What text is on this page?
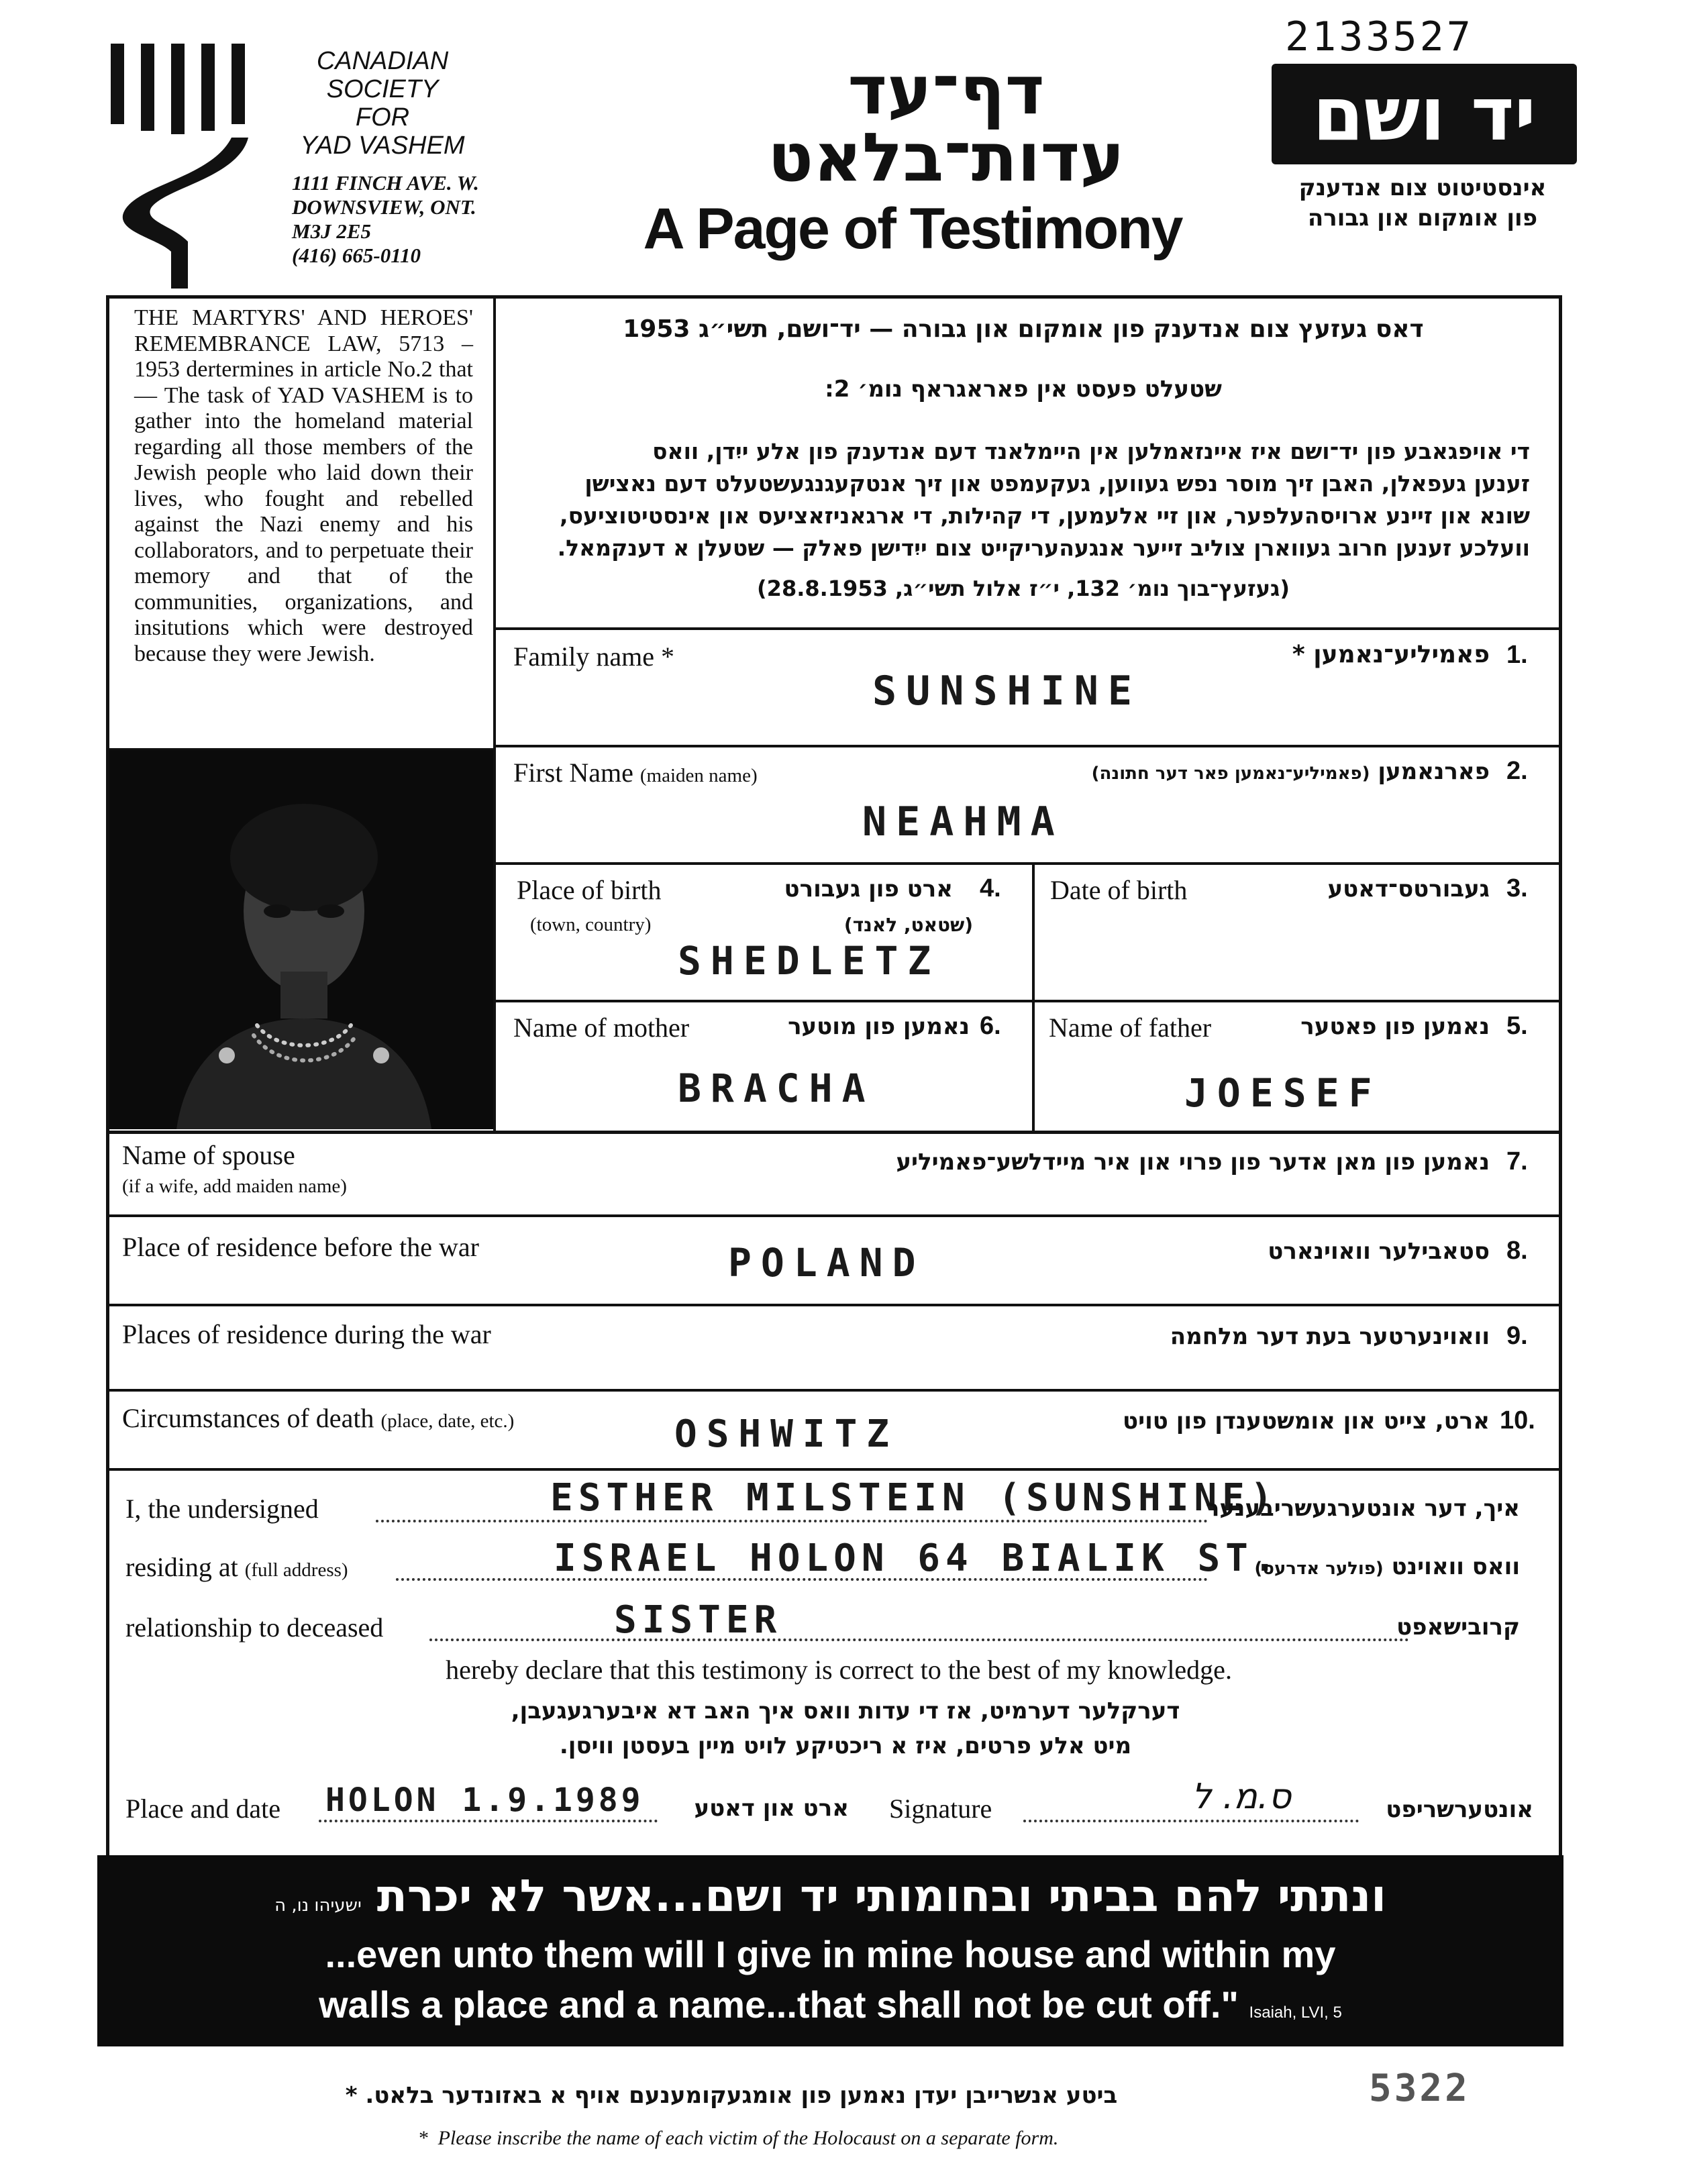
CANADIAN
SOCIETY
FOR
YAD VASHEM
1111 FINCH AVE. W.
DOWNSVIEW, ONT.
M3J 2E5
(416) 665-0110
דף־עד
עדות־בלאט
A Page of Testimony
2133527
יד ושם
אינסטיטוט צום אנדענק
פון אומקום און גבורה
THE MARTYRS' AND HEROES' REMEMBRANCE LAW, 5713 – 1953 dertermines in article No.2 that — The task of YAD VASHEM is to gather into the homeland material regarding all those members of the Jewish people who laid down their lives, who fought and rebelled against the Nazi enemy and his collaborators, and to perpetuate their memory and that of the communities, organizations, and insitutions which were destroyed because they were Jewish.
דאס געזעץ צום אנדענק פון אומקום און גבורה — יד־ושם, תשי״ג 1953
שטעלט פעסט אין פאראגראף נומ׳ 2:
די אויפגאבע פון יד־ושם איז איינזאמלען אין היימלאנד דעם אנדענק פון אלע ייִדן, וואס
זענען געפאלן, האבן זיך מוסר נפש געווען, געקעמפט און זיך אנטקעגנגעשטעלט דעם נאצישן
שונא און זיינע ארויסהעלפער, און זיי אלעמען, די קהילות, די ארגאניזאציעס און אינסטיטוציעס,
וועלכע זענען חרוב געווארן צוליב זייער אנגעהעריקייט צום ייִדישן פאלק — שטעלן א דענקמאל.
(געזעץ־בוך נומ׳ 132, י״ז אלול תשי״ג, 28.8.1953)
Family name *	פאמיליע־נאמען * 1.
SUNSHINE
First Name (maiden name)	פארנאמען (פאמיליע־נאמען פאר דער חתונה)	2.
NEAHMA
Place of birth
(town, country)
ארט פון געבורט
(שטאט, לאנד)
4.
SHEDLETZ
Date of birth	געבורטס־דאטע 3.
Name of mother	נאמען פון מוטער 6.
BRACHA
Name of father	נאמען פון פאטער 5.
JOESEF
Name of spouse
(if a wife, add maiden name)
נאמען פון מאן אדער פון פרוי און איר מיידלשע־פאמיליע 7.
Place of residence before the war	סטאבילער וואוינארט 8.
POLAND
Places of residence during the war	וואוינערטער בעת דער מלחמה 9.
Circumstances of death (place, date, etc.)	ארט, צייט און אומשטענדן פון טויט 10.
OSHWITZ
I, the undersigned	ESTHER MILSTEIN (SUNSHINE)
איך, דער אונטערגעשריבענער
residing at (full address)	ISRAEL HOLON 64 BIALIK ST.	וואס וואוינט (פולער אדרעס)
relationship to deceased	SISTER	קרובישאפט
hereby declare that this testimony is correct to the best of my knowledge.
דערקלער דערמיט, אז די עדות וואס איך האב דא איבערגעגעבן,
מיט אלע פרטים, איז א ריכטיקע לויט מיין בעסטן וויסן.
Place and date HOLON 1.9.1989	ארט און דאטע Signature	ס.מ. ל	אונטערשריפט
ונתתי להם בביתי ובחומותי יד ושם...אשר לא יכרת ישעיהו נו, ה
...even unto them will I give in mine house and within my
walls a place and a name...that shall not be cut off." Isaiah, LVI, 5
ביטע אנשרייבן יעדן נאמען פון אומגעקומענעם אויף א באזונדער בלאט. *	5322
*  Please inscribe the name of each victim of the Holocaust on a separate form.
